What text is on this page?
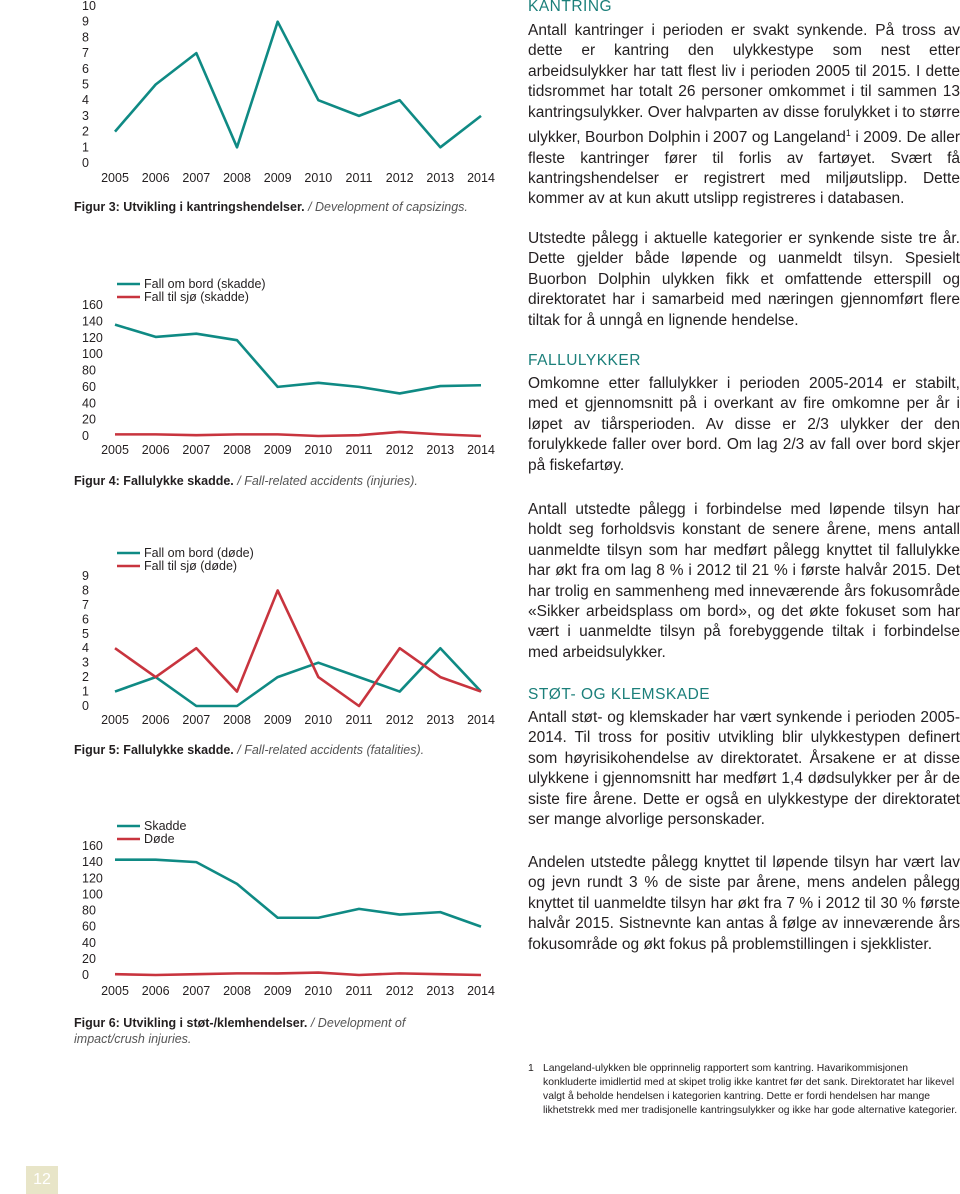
0
1
2
3
4
5
6
7
8
9
10
2005 2006 2007 2008 2009 2010 2011 2012 2013 2014
Figur 3: Utvikling i kantringshendelser. / Development of capsizings.
0
20
40
60
80
100
120
140
160
2005 2006 2007 2008 2009 2010 2011 2012 2013 2014
Fall om bord (skadde)
Fall til sjø (skadde)
Figur 4: Fallulykke skadde. / Fall-related accidents (injuries).
0
1
2
3
4
5
6
7
8
9
2005 2006 2007 2008 2009 2010 2011 2012 2013 2014
Fall om bord (døde)
Fall til sjø (døde)
Figur 5: Fallulykke skadde. / Fall-related accidents (fatalities).
0
20
40
60
80
100
120
140
160
2005 2006 2007 2008 2009 2010 2011 2012 2013 2014
Skadde
Døde
Figur 6: Utvikling i støt-/klemhendelser. / Development of impact/crush injuries.
KANTRING
Antall kantringer i perioden er svakt synkende. På tross av dette er kantring den ulykkestype som nest etter arbeidsulykker har tatt flest liv i perioden 2005 til 2015. I dette tidsrommet har totalt 26 personer omkommet i til sammen 13 kantringsulykker. Over halvparten av disse forulykket i to større ulykker, Bourbon Dolphin i 2007 og Langeland$^1$ i 2009. De aller fleste kantringer fører til forlis av fartøyet. Svært få kantringshendelser er registrert med miljøutslipp. Dette kommer av at kun akutt utslipp registreres i databasen.
Utstedte pålegg i aktuelle kategorier er synkende siste tre år. Dette gjelder både løpende og uanmeldt tilsyn. Spesielt Buorbon Dolphin ulykken fikk et omfattende etterspill og direktoratet har i samarbeid med næringen gjennomført flere tiltak for å unngå en lignende hendelse.
FALLULYKKER
Omkomne etter fallulykker i perioden 2005-2014 er stabilt, med et gjennomsnitt på i overkant av fire omkomne per år i løpet av tiårsperioden. Av disse er 2/3 ulykker der den forulykkede faller over bord. Om lag 2/3 av fall over bord skjer på fiskefartøy.
Antall utstedte pålegg i forbindelse med løpende tilsyn har holdt seg forholdsvis konstant de senere årene, mens antall uanmeldte tilsyn som har medført pålegg knyttet til fallulykke har økt fra om lag 8 % i 2012 til 21 % i første halvår 2015. Det har trolig en sammenheng med inneværende års fokusområde «Sikker arbeidsplass om bord», og det økte fokuset som har vært i uanmeldte tilsyn på forebyggende tiltak i forbindelse med arbeidsulykker.
STØT- OG KLEMSKADE
Antall støt- og klemskader har vært synkende i perioden 2005-2014. Til tross for positiv utvikling blir ulykkestypen definert som høyrisikohendelse av direktoratet. Årsakene er at disse ulykkene i gjennomsnitt har medført 1,4 dødsulykker per år de siste fire årene. Dette er også en ulykkestype der direktoratet ser mange alvorlige personskader.
Andelen utstedte pålegg knyttet til løpende tilsyn har vært lav og jevn rundt 3 % de siste par årene, mens andelen pålegg knyttet til uanmeldte tilsyn har økt fra 7 % i 2012 til 30 % første halvår 2015. Sistnevnte kan antas å følge av inneværende års fokusområde og økt fokus på problemstillingen i sjekklister.
1 Langeland-ulykken ble opprinnelig rapportert som kantring. Havarikommisjonen konkluderte imidlertid med at skipet trolig ikke kantret før det sank. Direktoratet har likevel valgt å beholde hendelsen i kategorien kantring. Dette er fordi hendelsen har mange likhetstrekk med mer tradisjonelle kantringsulykker og ikke har gode alternative kategorier.
12
